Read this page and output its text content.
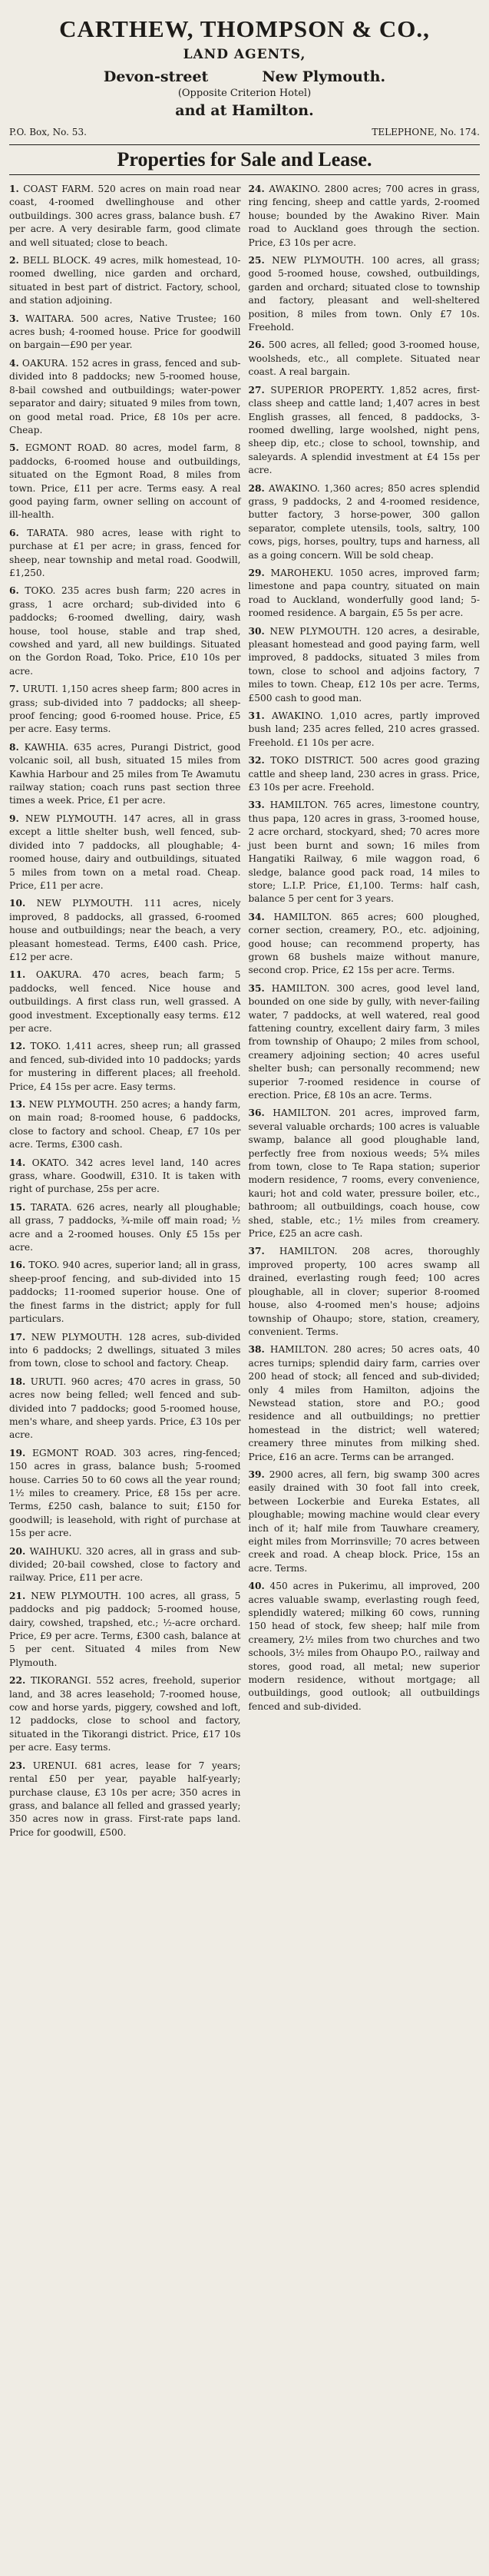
CARTHEW, THOMPSON & CO.,
LAND AGENTS,
Devon-street	New Plymouth.
(Opposite Criterion Hotel)
and at Hamilton.
P.O. Box, No. 53.	TELEPHONE, No. 174.
Properties for Sale and Lease.

1. COAST FARM. 520 acres on main road near coast, 4-roomed dwellinghouse and other outbuildings. 300 acres grass, balance bush. £7 per acre. A very desirable farm, good climate and well situated; close to beach.

2. BELL BLOCK. 49 acres, milk homestead, 10-roomed dwelling, nice garden and orchard, situated in best part of district. Factory, school, and station adjoining.

3. WAITARA. 500 acres, Native Trustee; 160 acres bush; 4-roomed house. Price for goodwill on bargain—£90 per year.

4. OAKURA. 152 acres in grass, fenced and sub-divided into 8 paddocks; new 5-roomed house, 8-bail cowshed and outbuildings; water-power separator and dairy; situated 9 miles from town, on good metal road. Price, £8 10s per acre. Cheap.

5. EGMONT ROAD. 80 acres, model farm, 8 paddocks, 6-roomed house and outbuildings, situated on the Egmont Road, 8 miles from town. Price, £11 per acre. Terms easy. A real good paying farm, owner selling on account of ill-health.

6. TARATA. 980 acres, lease with right to purchase at £1 per acre; in grass, fenced for sheep, near township and metal road. Goodwill, £1,250.

6. TOKO. 235 acres bush farm; 220 acres in grass, 1 acre orchard; sub-divided into 6 paddocks; 6-roomed dwelling, dairy, wash house, tool house, stable and trap shed, cowshed and yard, all new buildings. Situated on the Gordon Road, Toko. Price, £10 10s per acre.

7. URUTI. 1,150 acres sheep farm; 800 acres in grass; sub-divided into 7 paddocks; all sheep-proof fencing; good 6-roomed house. Price, £5 per acre. Easy terms.

8. KAWHIA. 635 acres, Purangi District, good volcanic soil, all bush, situated 15 miles from Kawhia Harbour and 25 miles from Te Awamutu railway station; coach runs past section three times a week. Price, £1 per acre.

9. NEW PLYMOUTH. 147 acres, all in grass except a little shelter bush, well fenced, sub-divided into 7 paddocks, all ploughable; 4-roomed house, dairy and outbuildings, situated 5 miles from town on a metal road. Cheap. Price, £11 per acre.

10. NEW PLYMOUTH. 111 acres, nicely improved, 8 paddocks, all grassed, 6-roomed house and outbuildings; near the beach, a very pleasant homestead. Terms, £400 cash. Price, £12 per acre.

11. OAKURA. 470 acres, beach farm; 5 paddocks, well fenced. Nice house and outbuildings. A first class run, well grassed. A good investment. Exceptionally easy terms. £12 per acre.

12. TOKO. 1,411 acres, sheep run; all grassed and fenced, sub-divided into 10 paddocks; yards for mustering in different places; all freehold. Price, £4 15s per acre. Easy terms.

13. NEW PLYMOUTH. 250 acres; a handy farm, on main road; 8-roomed house, 6 paddocks, close to factory and school. Cheap, £7 10s per acre. Terms, £300 cash.

14. OKATO. 342 acres level land, 140 acres grass, whare. Goodwill, £310. It is taken with right of purchase, 25s per acre.

15. TARATA. 626 acres, nearly all ploughable; all grass, 7 paddocks, ¾-mile off main road; ½ acre and a 2-roomed houses. Only £5 15s per acre.

16. TOKO. 940 acres, superior land; all in grass, sheep-proof fencing, and sub-divided into 15 paddocks; 11-roomed superior house. One of the finest farms in the district; apply for full particulars.

17. NEW PLYMOUTH. 128 acres, sub-divided into 6 paddocks; 2 dwellings, situated 3 miles from town, close to school and factory. Cheap.

18. URUTI. 960 acres; 470 acres in grass, 50 acres now being felled; well fenced and sub-divided into 7 paddocks; good 5-roomed house, men's whare, and sheep yards. Price, £3 10s per acre.

19. EGMONT ROAD. 303 acres, ring-fenced; 150 acres in grass, balance bush; 5-roomed house. Carries 50 to 60 cows all the year round; 1½ miles to creamery. Price, £8 15s per acre. Terms, £250 cash, balance to suit; £150 for goodwill; is leasehold, with right of purchase at 15s per acre.

20. WAIHUKU. 320 acres, all in grass and sub-divided; 20-bail cowshed, close to factory and railway. Price, £11 per acre.

21. NEW PLYMOUTH. 100 acres, all grass, 5 paddocks and pig paddock; 5-roomed house, dairy, cowshed, trapshed, etc.; ½-acre orchard. Price, £9 per acre. Terms, £300 cash, balance at 5 per cent. Situated 4 miles from New Plymouth.

22. TIKORANGI. 552 acres, freehold, superior land, and 38 acres leasehold; 7-roomed house, cow and horse yards, piggery, cowshed and loft, 12 paddocks, close to school and factory, situated in the Tikorangi district. Price, £17 10s per acre. Easy terms.

23. URENUI. 681 acres, lease for 7 years; rental £50 per year, payable half-yearly; purchase clause, £3 10s per acre; 350 acres in grass, and balance all felled and grassed yearly; 350 acres now in grass. First-rate paps land. Price for goodwill, £500.

24. AWAKINO. 2800 acres; 700 acres in grass, ring fencing, sheep and cattle yards, 2-roomed house; bounded by the Awakino River. Main road to Auckland goes through the section. Price, £3 10s per acre.

25. NEW PLYMOUTH. 100 acres, all grass; good 5-roomed house, cowshed, outbuildings, garden and orchard; situated close to township and factory, pleasant and well-sheltered position, 8 miles from town. Only £7 10s. Freehold.

26. 500 acres, all felled; good 3-roomed house, woolsheds, etc., all complete. Situated near coast. A real bargain.

27. SUPERIOR PROPERTY. 1,852 acres, first-class sheep and cattle land; 1,407 acres in best English grasses, all fenced, 8 paddocks, 3-roomed dwelling, large woolshed, night pens, sheep dip, etc.; close to school, township, and saleyards. A splendid investment at £4 15s per acre.

28. AWAKINO. 1,360 acres; 850 acres splendid grass, 9 paddocks, 2 and 4-roomed residence, butter factory, 3 horse-power, 300 gallon separator, complete utensils, tools, saltry, 100 cows, pigs, horses, poultry, tups and harness, all as a going concern. Will be sold cheap.

29. MAROHEKU. 1050 acres, improved farm; limestone and papa country, situated on main road to Auckland, wonderfully good land; 5-roomed residence. A bargain, £5 5s per acre.

30. NEW PLYMOUTH. 120 acres, a desirable, pleasant homestead and good paying farm, well improved, 8 paddocks, situated 3 miles from town, close to school and adjoins factory, 7 miles to town. Cheap, £12 10s per acre. Terms, £500 cash to good man.

31. AWAKINO. 1,010 acres, partly improved bush land; 235 acres felled, 210 acres grassed. Freehold. £1 10s per acre.

32. TOKO DISTRICT. 500 acres good grazing cattle and sheep land, 230 acres in grass. Price, £3 10s per acre. Freehold.

33. HAMILTON. 765 acres, limestone country, thus papa, 120 acres in grass, 3-roomed house, 2 acre orchard, stockyard, shed; 70 acres more just been burnt and sown; 16 miles from Hangatiki Railway, 6 mile waggon road, 6 sledge, balance good pack road, 14 miles to store; L.I.P. Price, £1,100. Terms: half cash, balance 5 per cent for 3 years.

34. HAMILTON. 865 acres; 600 ploughed, corner section, creamery, P.O., etc. adjoining, good house; can recommend property, has grown 68 bushels maize without manure, second crop. Price, £2 15s per acre. Terms.

35. HAMILTON. 300 acres, good level land, bounded on one side by gully, with never-failing water, 7 paddocks, at well watered, real good fattening country, excellent dairy farm, 3 miles from township of Ohaupo; 2 miles from school, creamery adjoining section; 40 acres useful shelter bush; can personally recommend; new superior 7-roomed residence in course of erection. Price, £8 10s an acre. Terms.

36. HAMILTON. 201 acres, improved farm, several valuable orchards; 100 acres is valuable swamp, balance all good ploughable land, perfectly free from noxious weeds; 5¾ miles from town, close to Te Rapa station; superior modern residence, 7 rooms, every convenience, kauri; hot and cold water, pressure boiler, etc., bathroom; all outbuildings, coach house, cow shed, stable, etc.; 1½ miles from creamery. Price, £25 an acre cash.

37. HAMILTON. 208 acres, thoroughly improved property, 100 acres swamp all drained, everlasting rough feed; 100 acres ploughable, all in clover; superior 8-roomed house, also 4-roomed men's house; adjoins township of Ohaupo; store, station, creamery, convenient. Terms.

38. HAMILTON. 280 acres; 50 acres oats, 40 acres turnips; splendid dairy farm, carries over 200 head of stock; all fenced and sub-divided; only 4 miles from Hamilton, adjoins the Newstead station, store and P.O.; good residence and all outbuildings; no prettier homestead in the district; well watered; creamery three minutes from milking shed. Price, £16 an acre. Terms can be arranged.

39. 2900 acres, all fern, big swamp 300 acres easily drained with 30 foot fall into creek, between Lockerbie and Eureka Estates, all ploughable; mowing machine would clear every inch of it; half mile from Tauwhare creamery, eight miles from Morrinsville; 70 acres between creek and road. A cheap block. Price, 15s an acre. Terms.

40. 450 acres in Pukerimu, all improved, 200 acres valuable swamp, everlasting rough feed, splendidly watered; milking 60 cows, running 150 head of stock, few sheep; half mile from creamery, 2½ miles from two churches and two schools, 3½ miles from Ohaupo P.O., railway and stores, good road, all metal; new superior modern residence, without mortgage; all outbuildings, good outlook; all outbuildings fenced and sub-divided.
